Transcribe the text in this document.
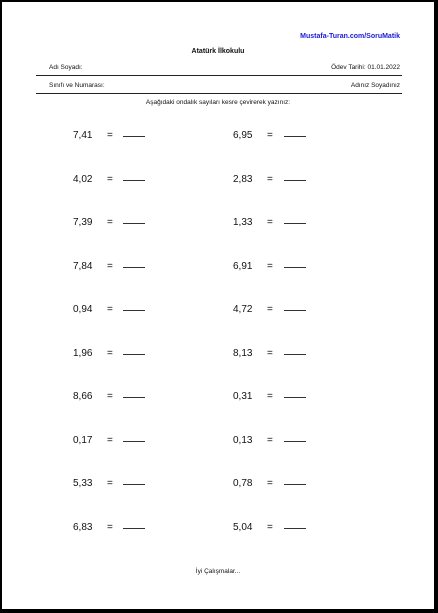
Mustafa-Turan.com/SoruMatik
Atatürk İlkokulu
Adı Soyadı:	Ödev Tarihi: 01.01.2022
Sınıfı ve Numarası:	Adınız Soyadınız
Aşağıdaki ondalık sayıları kesre çevirerek yazınız:
7,41 =
4,02 =
7,39 =
7,84 =
0,94 =
1,96 =
8,66 =
0,17 =
5,33 =
6,83 =
6,95 =
2,83 =
1,33 =
6,91 =
4,72 =
8,13 =
0,31 =
0,13 =
0,78 =
5,04 =
İyi Çalışmalar...
